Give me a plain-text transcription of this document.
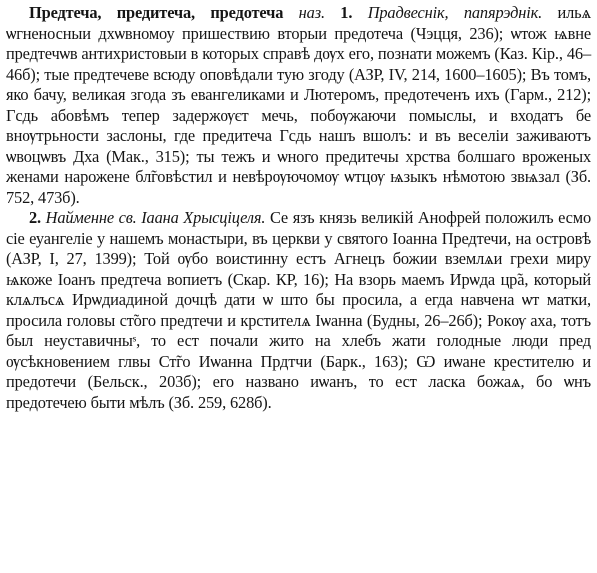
Предтеча, предитеча, предотеча наз. 1. Прадвеснік, папярэднік. ильѧ ѡгненосныи дхѡвномоу пришествию вторыи предотеча (Чэцця, 236); ѡтож ѩвне предтечѡв антихристовыи в которых справѣ дѹх его, познати можемъ (Каз. Кір., 46–46б); тые предтечеве всюду оповѣдали тую згоду (АЗР, IV, 214, 1600–1605); Въ томъ, яко бачу, великая згода зъ евангеликами и Лютеромъ, предотеченъ ихъ (Гарм., 212); Гсдь абовѣмъ тепер задержѹєт мечь, побѹжаючи помыслы, и входатъ бе внѹтрьности заслоны, где предитеча Гсдь нашъ вшолъ: и въ веселіи заживаютъ ѡвоцѡвъ Дха (Мак., 315); ты тежъ и ѡного предитечы хрства болшаго вроженых женами нарожене бл̃говѣстил и невѣрѹючомѹ ѡтцѹ ѩзыкъ нѣмотою звѩзал (Зб. 752, 473б).

2. Найменне св. Іаана Хрысціцеля. Се язъ князь великій Анофрей положилъ есмо сіе еуангеліе у нашемъ монастыри, въ церкви у святого Іоанна Предтечи, на островѣ (АЗР, I, 27, 1399); Той ѹбо воистинну естъ Агнецъ божии вземлѧи грехи миру ѩкоже Іоанъ предтеча вопиетъ (Скар. КР, 16); На взорь маемъ Ирѡда цр̃а, который клѧлъсѧ Ирѡдиадиной дочцѣ дати ѡ што бы просила, а егда навчена ѡт матки, просила головы ст̃ого предтечи и крстителѧ Іѡанна (Будны, 26–26б); Рокѹ ахa, тотъ был неуставичныˢ, то ест почали жито на хлебъ жати голодные люди пред ѹсѣкновением глвы Ст̃го Иѡанна Прдтчи (Барк., 163); Ѡ иѡане крестителю и предотечи (Бельск., 203б); его названо иѡанъ, то ест ласка божаѧ, бо ѡнъ предотечею быти мѣлъ (Зб. 259, 628б).
